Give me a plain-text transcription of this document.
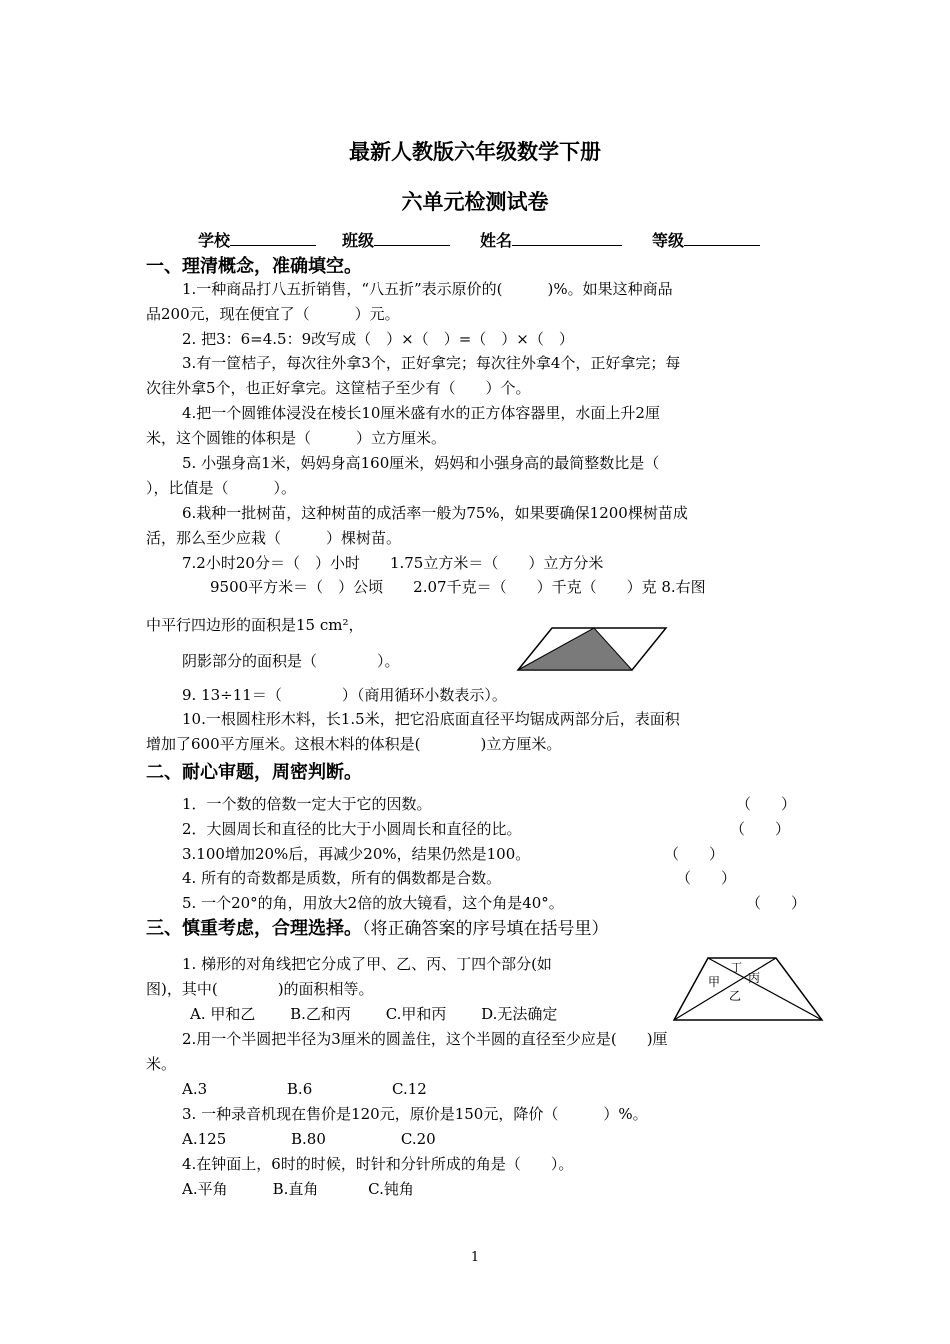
最新人教版六年级数学下册
六单元检测试卷
学校	班级	姓名	等级
一、理清概念，准确填空。
1.一种商品打八五折销售，“八五折”表示原价的(　　　)%。如果这种商品
品200元，现在便宜了（　　　）元。
2. 把3：6=4.5：9改写成（　）×（　）=（　）×（　）
3.有一筐桔子，每次往外拿3个，正好拿完；每次往外拿4个，正好拿完；每
次往外拿5个，也正好拿完。这筐桔子至少有（　　）个。
4.把一个圆锥体浸没在棱长10厘米盛有水的正方体容器里，水面上升2厘
米，这个圆锥的体积是（　　　）立方厘米。
5. 小强身高1米，妈妈身高160厘米，妈妈和小强身高的最简整数比是（
），比值是（　　　）。
6.栽种一批树苗，这种树苗的成活率一般为75%，如果要确保1200棵树苗成
活，那么至少应栽（　　　）棵树苗。
7.2小时20分＝（　）小时　　1.75立方米＝（　　）立方分米
9500平方米＝（　）公顷　　2.07千克＝（　　）千克（　　）克 8.右图
中平行四边形的面积是15 cm²，
阴影部分的面积是（　　　　）。
9. 13÷11＝（　　　　）（商用循环小数表示）。
10.一根圆柱形木料，长1.5米，把它沿底面直径平均锯成两部分后，表面积
增加了600平方厘米。这根木料的体积是(　　　　)立方厘米。
二、耐心审题，周密判断。
1．一个数的倍数一定大于它的因数。	（　　）
2．大圆周长和直径的比大于小圆周长和直径的比。	（　　）
3.100增加20%后，再减少20%，结果仍然是100。	（　　）
4. 所有的奇数都是质数，所有的偶数都是合数。	（　　）
5. 一个20°的角，用放大2倍的放大镜看，这个角是40°。	（　　）
三、慎重考虑，合理选择。（将正确答案的序号填在括号里）
1. 梯形的对角线把它分成了甲、乙、丙、丁四个部分(如
图)，其中(　　　　)的面积相等。
A. 甲和乙　　 B.乙和丙　　 C.甲和丙　　 D.无法确定
甲
乙
丙
丁
2.用一个半圆把半径为3厘米的圆盖住，这个半圆的直径至少应是(　　)厘
米。
A.3　　　　　 B.6　　　　　 C.12
3. 一种录音机现在售价是120元，原价是150元，降价（　　　）%。
A.125　　　　 B.80　　　　　C.20
4.在钟面上，6时的时候，时针和分针所成的角是（　　）。
A.平角　　　B.直角　　　 C.钝角
1
